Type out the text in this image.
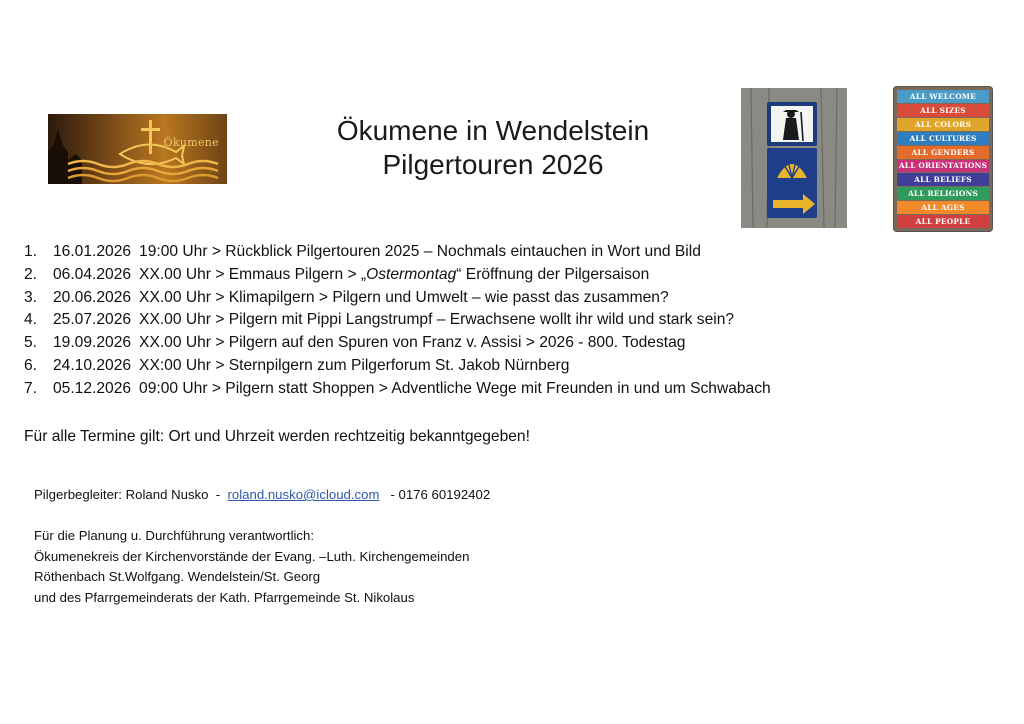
Ökumene	Ökumene in Wendelstein
Pilgertouren 2026
ALL WELCOME
ALL SIZES
ALL COLORS
ALL CULTURES
ALL GENDERS
ALL ORIENTATIONS
ALL BELIEFS
ALL RELIGIONS
ALL AGES
ALL PEOPLE
1. 16.01.2026 19:00 Uhr > Rückblick Pilgertouren 2025 – Nochmals eintauchen in Wort und Bild
2. 06.04.2026 XX.00 Uhr > Emmaus Pilgern > „Ostermontag“ Eröffnung der Pilgersaison
3. 20.06.2026 XX.00 Uhr > Klimapilgern > Pilgern und Umwelt – wie passt das zusammen?
4. 25.07.2026 XX.00 Uhr > Pilgern mit Pippi Langstrumpf – Erwachsene wollt ihr wild und stark sein?
5. 19.09.2026 XX.00 Uhr > Pilgern auf den Spuren von Franz v. Assisi > 2026 - 800. Todestag
6. 24.10.2026 XX:00 Uhr > Sternpilgern zum Pilgerforum St. Jakob Nürnberg
7. 05.12.2026 09:00 Uhr > Pilgern statt Shoppen > Adventliche Wege mit Freunden in und um Schwabach
Für alle Termine gilt: Ort und Uhrzeit werden rechtzeitig bekanntgegeben!
Pilgerbegleiter: Roland Nusko  -  roland.nusko@icloud.com   - 0176 60192402
Für die Planung u. Durchführung verantwortlich:
Ökumenekreis der Kirchenvorstände der Evang. –Luth. Kirchengemeinden
Röthenbach St.Wolfgang. Wendelstein/St. Georg
und des Pfarrgemeinderats der Kath. Pfarrgemeinde St. Nikolaus
